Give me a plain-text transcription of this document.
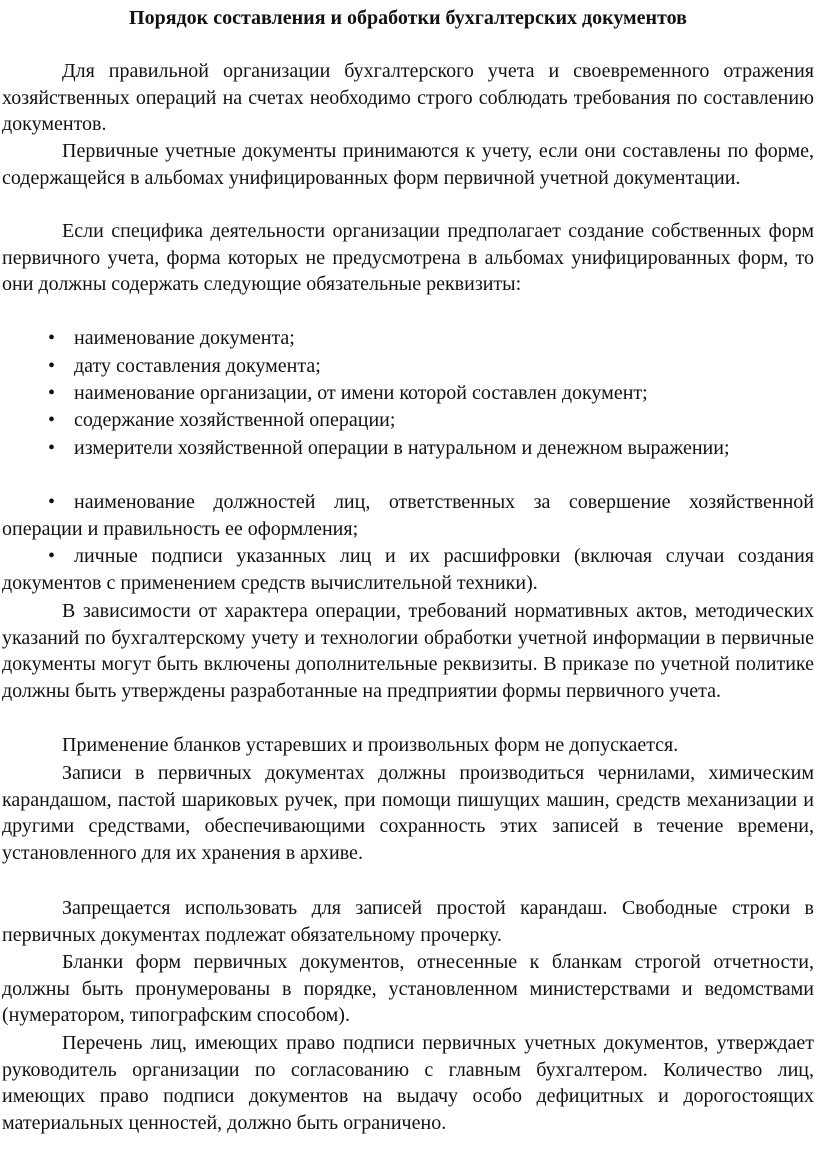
Порядок составления и обработки бухгалтерских документов

Для правильной организации бухгалтерского учета и своевременного отражения хозяйственных операций на счетах необходимо строго соблюдать требования по составлению документов.

Первичные учетные документы принимаются к учету, если они составлены по форме, содержащейся в альбомах унифицированных форм первичной учетной документации.

Если специфика деятельности организации предполагает создание собственных форм первичного учета, форма которых не предусмотрена в альбомах унифицированных форм, то они должны содержать следующие обязательные реквизиты:

• наименование документа;

• дату составления документа;

• наименование организации, от имени которой составлен документ;

• содержание хозяйственной операции;

• измерители хозяйственной операции в натуральном и денежном выражении;

• наименование должностей лиц, ответственных за совершение хозяйственной операции и правильность ее оформления;

• личные подписи указанных лиц и их расшифровки (включая случаи создания документов с применением средств вычислительной техники).

В зависимости от характера операции, требований нормативных актов, методических указаний по бухгалтерскому учету и технологии обработки учетной информации в первичные документы могут быть включены дополнительные реквизиты. В приказе по учетной политике должны быть утверждены разработанные на предприятии формы первичного учета.

Применение бланков устаревших и произвольных форм не допускается.

Записи в первичных документах должны производиться чернилами, химическим карандашом, пастой шариковых ручек, при помощи пишущих машин, средств механизации и другими средствами, обеспечивающими сохранность этих записей в течение времени, установленного для их хранения в архиве.

Запрещается использовать для записей простой карандаш. Свободные строки в первичных документах подлежат обязательному прочерку.

Бланки форм первичных документов, отнесенные к бланкам строгой отчетности, должны быть пронумерованы в порядке, установленном министерствами и ведомствами (нумератором, типографским способом).

Перечень лиц, имеющих право подписи первичных учетных документов, утверждает руководитель организации по согласованию с главным бухгалтером. Количество лиц, имеющих право подписи документов на выдачу особо дефицитных и дорогостоящих материальных ценностей, должно быть ограничено.
